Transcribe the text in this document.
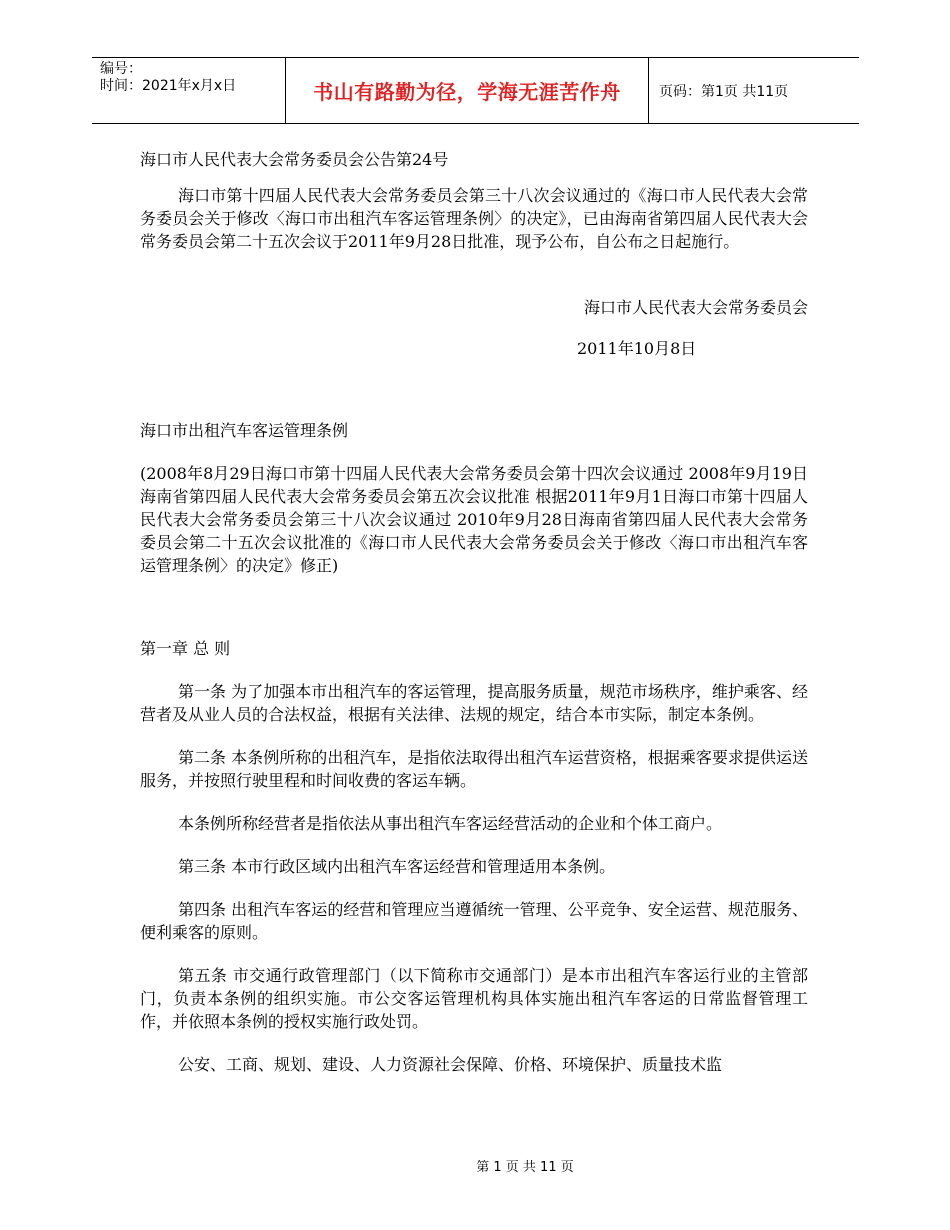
编号：
时间：2021年x月x日	书山有路勤为径，学海无涯苦作舟	页码：第1页 共11页

海口市人民代表大会常务委员会公告第24号

海口市第十四届人民代表大会常务委员会第三十八次会议通过的《海口市人民代表大会常务委员会关于修改〈海口市出租汽车客运管理条例〉的决定》，已由海南省第四届人民代表大会常务委员会第二十五次会议于2011年9月28日批准，现予公布，自公布之日起施行。

海口市人民代表大会常务委员会

2011年10月8日

海口市出租汽车客运管理条例

(2008年8月29日海口市第十四届人民代表大会常务委员会第十四次会议通过 2008年9月19日海南省第四届人民代表大会常务委员会第五次会议批准 根据2011年9月1日海口市第十四届人民代表大会常务委员会第三十八次会议通过 2010年9月28日海南省第四届人民代表大会常务委员会第二十五次会议批准的《海口市人民代表大会常务委员会关于修改〈海口市出租汽车客运管理条例〉的决定》修正)

第一章 总 则

第一条 为了加强本市出租汽车的客运管理，提高服务质量，规范市场秩序，维护乘客、经营者及从业人员的合法权益，根据有关法律、法规的规定，结合本市实际，制定本条例。

第二条 本条例所称的出租汽车，是指依法取得出租汽车运营资格，根据乘客要求提供运送服务，并按照行驶里程和时间收费的客运车辆。

本条例所称经营者是指依法从事出租汽车客运经营活动的企业和个体工商户。

第三条 本市行政区域内出租汽车客运经营和管理适用本条例。

第四条 出租汽车客运的经营和管理应当遵循统一管理、公平竞争、安全运营、规范服务、便利乘客的原则。

第五条 市交通行政管理部门（以下简称市交通部门）是本市出租汽车客运行业的主管部门，负责本条例的组织实施。市公交客运管理机构具体实施出租汽车客运的日常监督管理工作，并依照本条例的授权实施行政处罚。

公安、工商、规划、建设、人力资源社会保障、价格、环境保护、质量技术监

第 1 页 共 11 页
